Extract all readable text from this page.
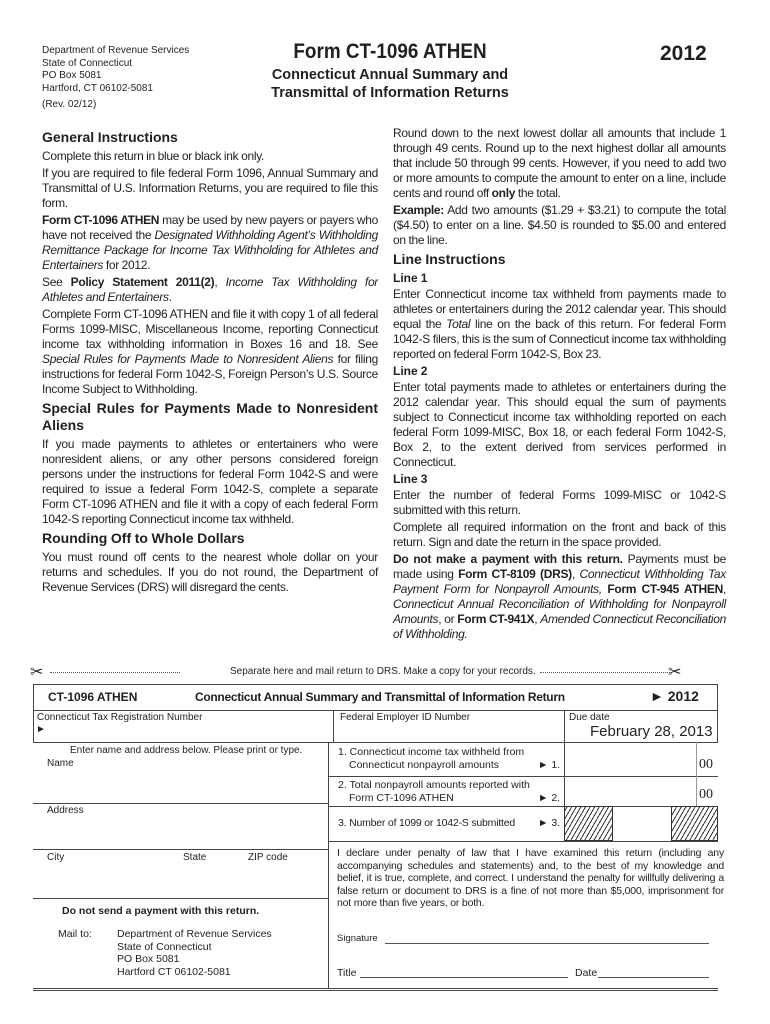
Department of Revenue Services
State of Connecticut
PO Box 5081
Hartford, CT 06102-5081
(Rev. 02/12)
Form CT-1096 ATHEN
Connecticut Annual Summary and
Transmittal of Information Returns
2012
General Instructions

Complete this return in blue or black ink only.

If you are required to file federal Form 1096, Annual Summary and Transmittal of U.S. Information Returns, you are required to file this form.

Form CT-1096 ATHEN may be used by new payers or payers who have not received the Designated Withholding Agent’s Withholding Remittance Package for Income Tax Withholding for Athletes and Entertainers for 2012.

See Policy Statement 2011(2), Income Tax Withholding for Athletes and Entertainers.

Complete Form CT-1096 ATHEN and file it with copy 1 of all federal Forms 1099-MISC, Miscellaneous Income, reporting Connecticut income tax withholding information in Boxes 16 and 18. See Special Rules for Payments Made to Nonresident Aliens for filing instructions for federal Form 1042-S, Foreign Person’s U.S. Source Income Subject to Withholding.

Special Rules for Payments Made to Nonresident Aliens

If you made payments to athletes or entertainers who were nonresident aliens, or any other persons considered foreign persons under the instructions for federal Form 1042-S and were required to issue a federal Form 1042-S, complete a separate Form CT-1096 ATHEN and file it with a copy of each federal Form 1042-S reporting Connecticut income tax withheld.

Rounding Off to Whole Dollars

You must round off cents to the nearest whole dollar on your returns and schedules. If you do not round, the Department of Revenue Services (DRS) will disregard the cents.

Round down to the next lowest dollar all amounts that include 1 through 49 cents. Round up to the next highest dollar all amounts that include 50 through 99 cents. However, if you need to add two or more amounts to compute the amount to enter on a line, include cents and round off only the total.

Example: Add two amounts ($1.29 + $3.21) to compute the total ($4.50) to enter on a line. $4.50 is rounded to $5.00 and entered on the line.

Line Instructions
Line 1

Enter Connecticut income tax withheld from payments made to athletes or entertainers during the 2012 calendar year. This should equal the Total line on the back of this return. For federal Form 1042-S filers, this is the sum of Connecticut income tax withholding reported on federal Form 1042-S, Box 23.

Line 2

Enter total payments made to athletes or entertainers during the 2012 calendar year. This should equal the sum of payments subject to Connecticut income tax withholding reported on each federal Form 1099-MISC, Box 18, or each federal Form 1042-S, Box 2, to the extent derived from services performed in Connecticut.

Line 3

Enter the number of federal Forms 1099-MISC or 1042-S submitted with this return.

Complete all required information on the front and back of this return. Sign and date the return in the space provided.

Do not make a payment with this return. Payments must be made using Form CT-8109 (DRS), Connecticut Withholding Tax Payment Form for Nonpayroll Amounts, Form CT-945 ATHEN, Connecticut Annual Reconciliation of Withholding for Nonpayroll Amounts, or Form CT-941X, Amended Connecticut Reconciliation of Withholding.

✂	Separate here and mail return to DRS. Make a copy for your records.	✂
CT-1096 ATHEN	Connecticut Annual Summary and Transmittal of Information Return	► 2012
Connecticut Tax Registration Number
►
Federal Employer ID Number	Due date
February 28, 2013
Enter name and address below. Please print or type.
Name
Address
City	State	ZIP code
Do not send a payment with this return.
Mail to: Department of Revenue Services
State of Connecticut
PO Box 5081
Hartford CT 06102-5081
1. Connecticut income tax withheld from
Connecticut nonpayroll amounts	► 1.	00
2. Total nonpayroll amounts reported with
Form CT-1096 ATHEN	► 2.	00
3. Number of 1099 or 1042-S submitted ► 3.
I declare under penalty of law that I have examined this return (including any accompanying schedules and statements) and, to the best of my knowledge and belief, it is true, complete, and correct. I understand the penalty for willfully delivering a false return or document to DRS is a fine of not more than $5,000, imprisonment for not more than five years, or both.
Signature
Title	Date
